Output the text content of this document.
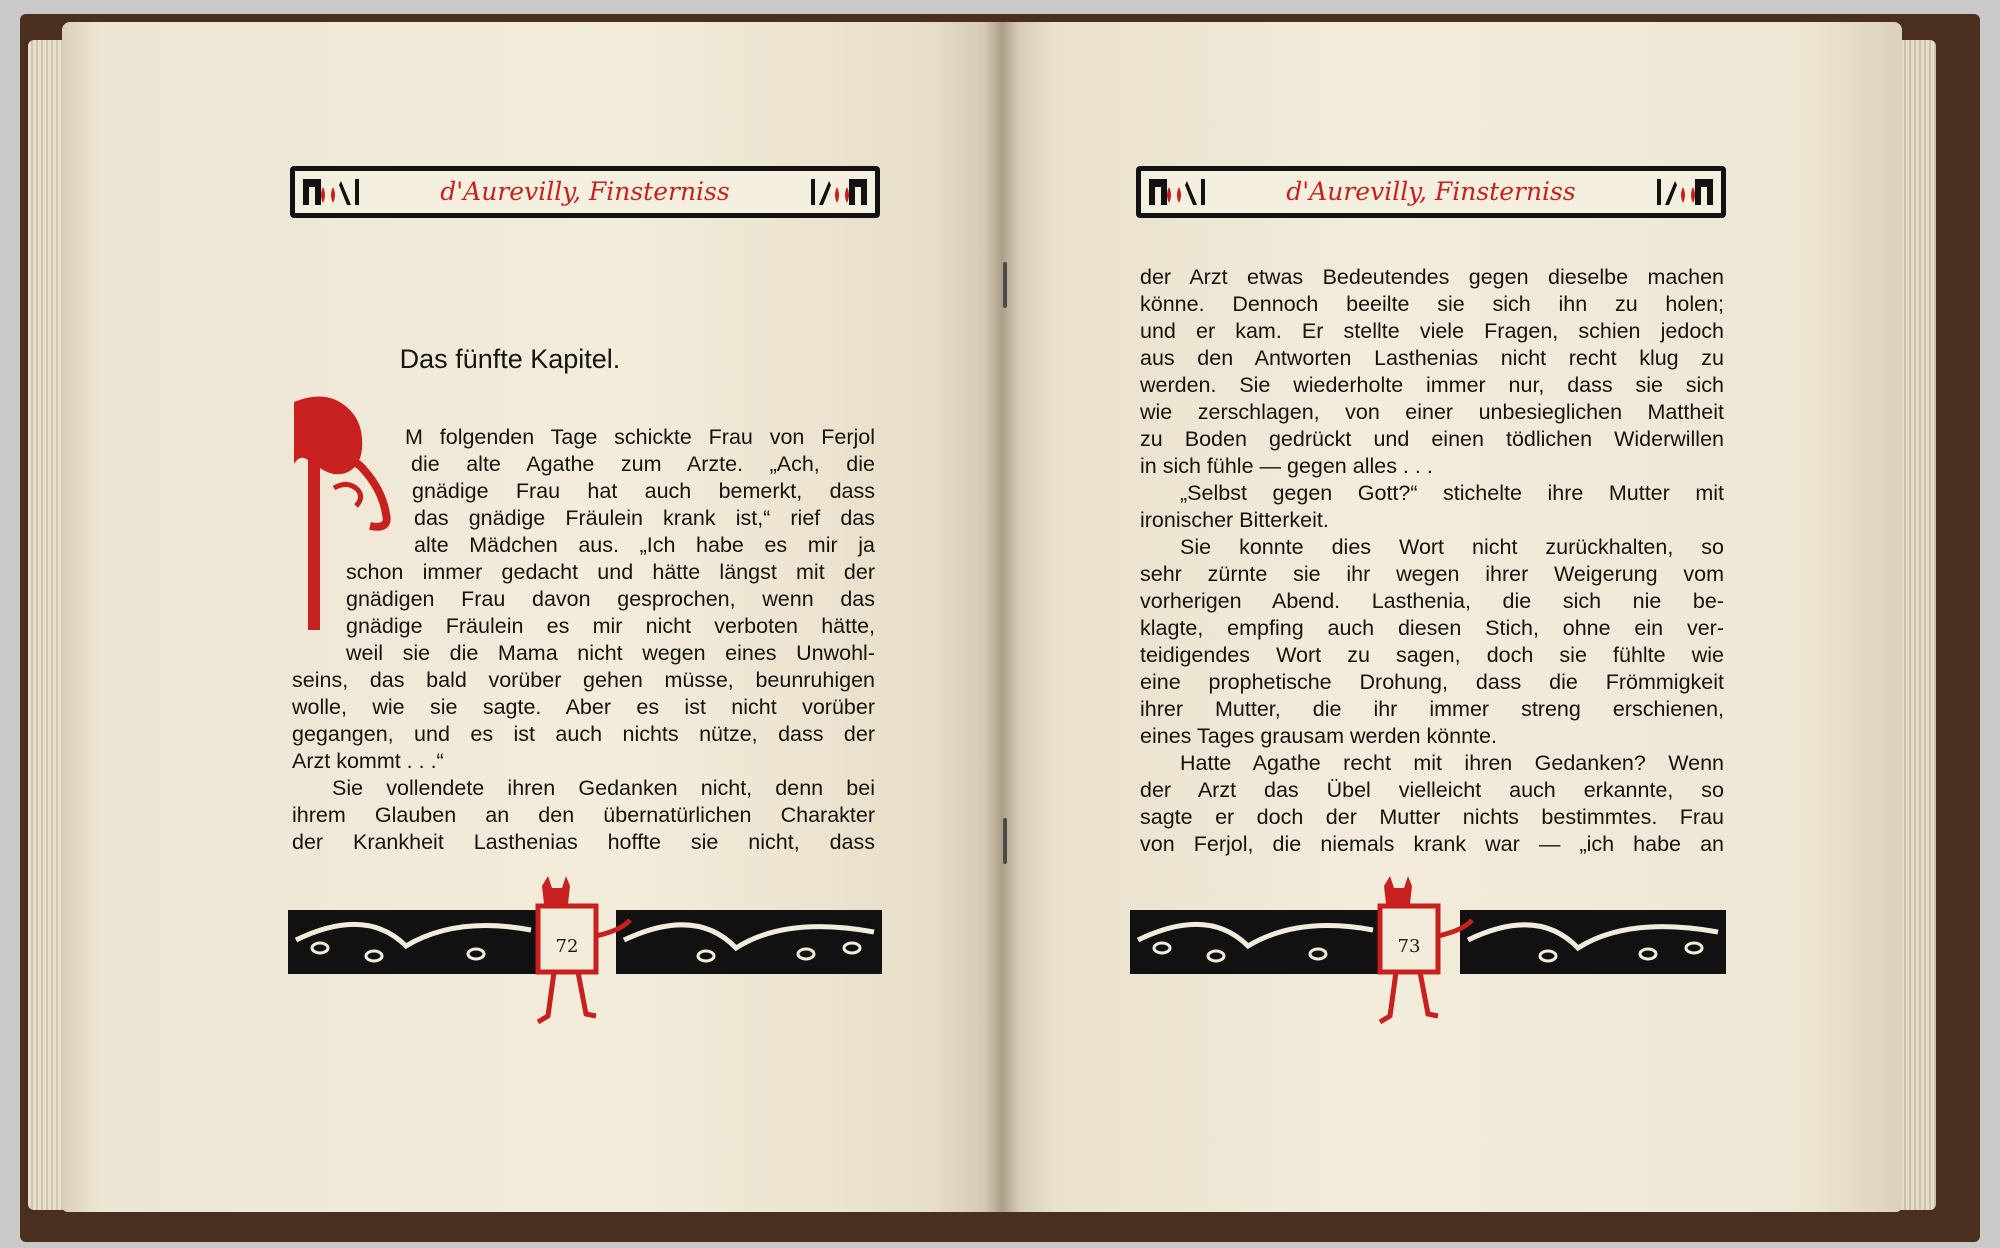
d'Aurevilly, Finsterniss	d'Aurevilly, Finsterniss
Das fünfte Kapitel.
M folgenden Tage schickte Frau von Ferjol
die alte Agathe zum Arzte. „Ach, die
gnädige Frau hat auch bemerkt, dass
das gnädige Fräulein krank ist,“ rief das
alte Mädchen aus. „Ich habe es mir ja
schon immer gedacht und hätte längst mit der
gnädigen Frau davon gesprochen, wenn das
gnädige Fräulein es mir nicht verboten hätte,
weil sie die Mama nicht wegen eines Unwohl-
seins, das bald vorüber gehen müsse, beunruhigen
wolle, wie sie sagte. Aber es ist nicht vorüber
gegangen, und es ist auch nichts nütze, dass der
Arzt kommt . . .“
Sie vollendete ihren Gedanken nicht, denn bei
ihrem Glauben an den übernatürlichen Charakter
der Krankheit Lasthenias hoffte sie nicht, dass
der Arzt etwas Bedeutendes gegen dieselbe machen
könne. Dennoch beeilte sie sich ihn zu holen;
und er kam. Er stellte viele Fragen, schien jedoch
aus den Antworten Lasthenias nicht recht klug zu
werden. Sie wiederholte immer nur, dass sie sich
wie zerschlagen, von einer unbesieglichen Mattheit
zu Boden gedrückt und einen tödlichen Widerwillen
in sich fühle — gegen alles . . .
„Selbst gegen Gott?“ stichelte ihre Mutter mit
ironischer Bitterkeit.
Sie konnte dies Wort nicht zurückhalten, so
sehr zürnte sie ihr wegen ihrer Weigerung vom
vorherigen Abend. Lasthenia, die sich nie be-
klagte, empfing auch diesen Stich, ohne ein ver-
teidigendes Wort zu sagen, doch sie fühlte wie
eine prophetische Drohung, dass die Frömmigkeit
ihrer Mutter, die ihr immer streng erschienen,
eines Tages grausam werden könnte.
Hatte Agathe recht mit ihren Gedanken? Wenn
der Arzt das Übel vielleicht auch erkannte, so
sagte er doch der Mutter nichts bestimmtes. Frau
von Ferjol, die niemals krank war — „ich habe an
72	73
